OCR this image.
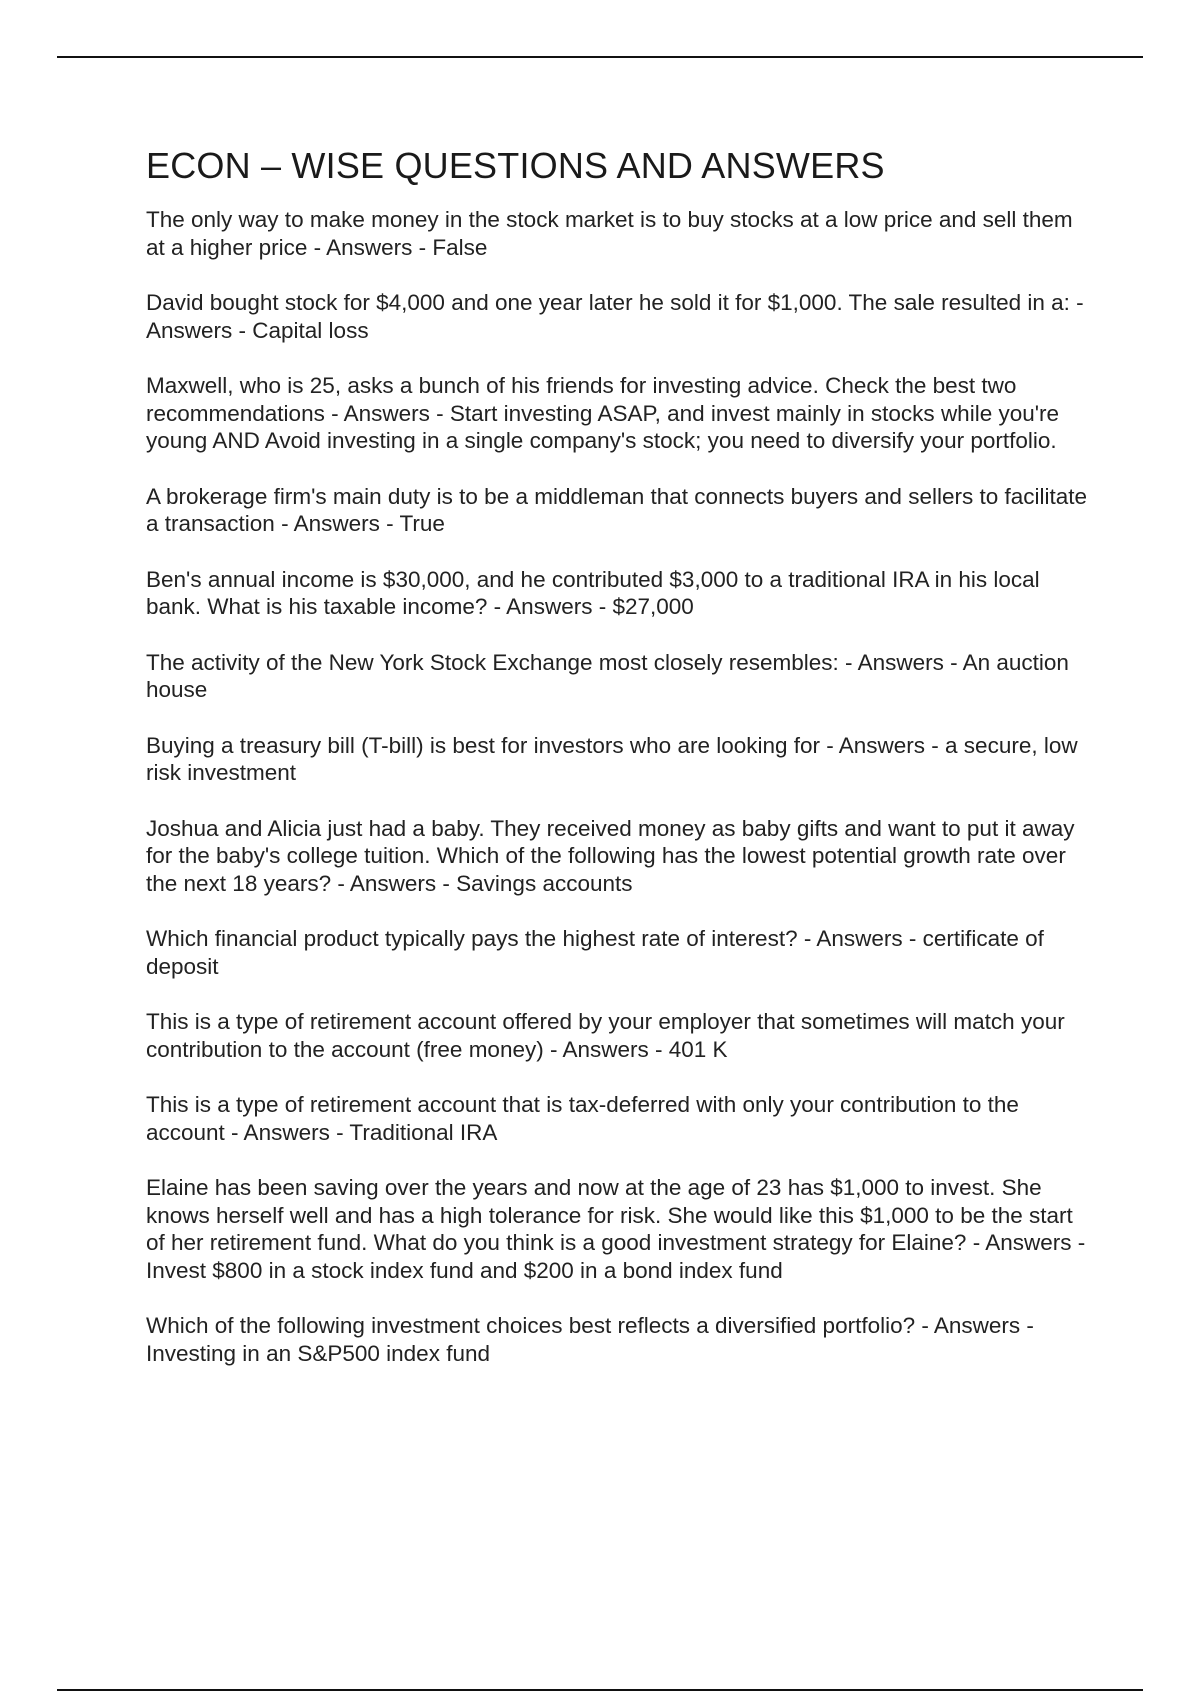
ECON – WISE QUESTIONS AND ANSWERS
The only way to make money in the stock market is to buy stocks at a low price and sell them at a higher price - Answers - False
David bought stock for $4,000 and one year later he sold it for $1,000. The sale resulted in a: - Answers - Capital loss
Maxwell, who is 25, asks a bunch of his friends for investing advice. Check the best two recommendations - Answers - Start investing ASAP, and invest mainly in stocks while you're young AND Avoid investing in a single company's stock; you need to diversify your portfolio.
A brokerage firm's main duty is to be a middleman that connects buyers and sellers to facilitate a transaction - Answers - True
Ben's annual income is $30,000, and he contributed $3,000 to a traditional IRA in his local bank. What is his taxable income? - Answers - $27,000
The activity of the New York Stock Exchange most closely resembles: - Answers - An auction house
Buying a treasury bill (T-bill) is best for investors who are looking for - Answers - a secure, low risk investment
Joshua and Alicia just had a baby. They received money as baby gifts and want to put it away for the baby's college tuition. Which of the following has the lowest potential growth rate over the next 18 years? - Answers - Savings accounts
Which financial product typically pays the highest rate of interest? - Answers - certificate of deposit
This is a type of retirement account offered by your employer that sometimes will match your contribution to the account (free money) - Answers - 401 K
This is a type of retirement account that is tax-deferred with only your contribution to the account - Answers - Traditional IRA
Elaine has been saving over the years and now at the age of 23 has $1,000 to invest. She knows herself well and has a high tolerance for risk. She would like this $1,000 to be the start of her retirement fund. What do you think is a good investment strategy for Elaine? - Answers - Invest $800 in a stock index fund and $200 in a bond index fund
Which of the following investment choices best reflects a diversified portfolio? - Answers - Investing in an S&P500 index fund
